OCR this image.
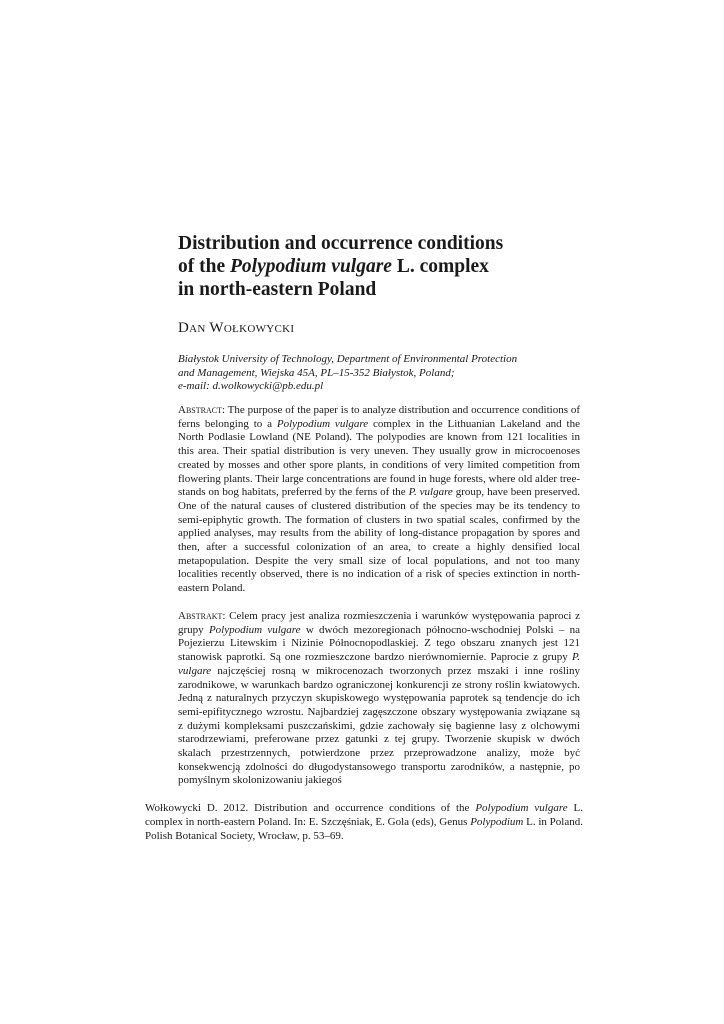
Distribution and occurrence conditions
of the Polypodium vulgare L. complex
in north-eastern Poland

Dan Wołkowycki

Białystok University of Technology, Department of Environmental Protection
and Management, Wiejska 45A, PL–15-352 Białystok, Poland;
e-mail: d.wolkowycki@pb.edu.pl

Abstract: The purpose of the paper is to analyze distribution and occurrence conditions of ferns belonging to a Polypodium vulgare complex in the Lithuanian Lakeland and the North Podlasie Lowland (NE Poland). The polypodies are known from 121 localities in this area. Their spatial distribution is very uneven. They usually grow in microcoenoses created by mosses and other spore plants, in conditions of very limited competition from flowering plants. Their large concentrations are found in huge forests, where old alder tree-stands on bog habitats, preferred by the ferns of the P. vulgare group, have been preserved. One of the natural causes of clustered distribution of the species may be its tendency to semi-epiphytic growth. The formation of clusters in two spatial scales, confirmed by the applied analyses, may results from the ability of long-distance propagation by spores and then, after a successful colonization of an area, to create a highly densified local metapopulation. Despite the very small size of local populations, and not too many localities recently observed, there is no indication of a risk of species extinction in north-eastern Poland.

Abstrakt: Celem pracy jest analiza rozmieszczenia i warunków występowania paproci z grupy Polypodium vulgare w dwóch mezoregionach północno-wschodniej Polski – na Pojezierzu Litewskim i Nizinie Północnopodlaskiej. Z tego obszaru znanych jest 121 stanowisk paprotki. Są one rozmieszczone bardzo nierównomiernie. Paprocie z grupy P. vulgare najczęściej rosną w mikrocenozach tworzonych przez mszaki i inne rośliny zarodnikowe, w warunkach bardzo ograniczonej konkurencji ze strony roślin kwiatowych. Jedną z naturalnych przyczyn skupiskowego występowania paprotek są tendencje do ich semi-epifitycznego wzrostu. Najbardziej zagęszczone obszary występowania związane są z dużymi kompleksami puszczańskimi, gdzie zachowały się bagienne lasy z olchowymi starodrzewiami, preferowane przez gatunki z tej grupy. Tworzenie skupisk w dwóch skalach przestrzennych, potwierdzone przez przeprowadzone analizy, może być konsekwencją zdolności do długodystansowego transportu zarodników, a następnie, po pomyślnym skolonizowaniu jakiegoś

Wołkowycki D. 2012. Distribution and occurrence conditions of the Polypodium vulgare L. complex in north-eastern Poland. In: E. Szczęśniak, E. Gola (eds), Genus Polypodium L. in Poland. Polish Botanical Society, Wrocław, p. 53–69.
